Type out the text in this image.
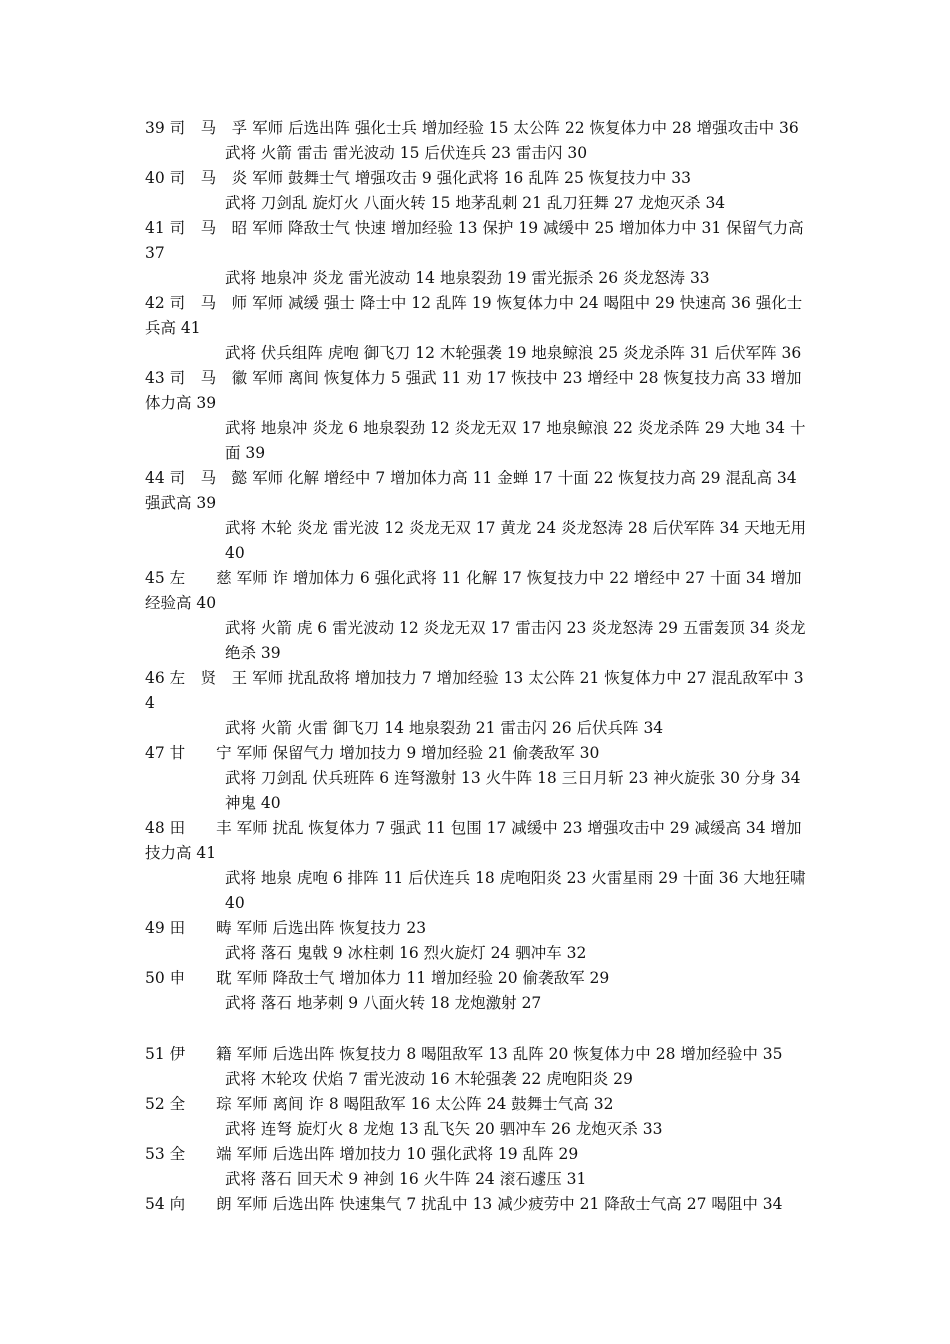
39 司　马　孚 军师 后选出阵 强化士兵 增加经验 15 太公阵 22 恢复体力中 28 增强攻击中 36
武将 火箭 雷击 雷光波动 15 后伏连兵 23 雷击闪 30
40 司　马　炎 军师 鼓舞士气 增强攻击 9 强化武将 16 乱阵 25 恢复技力中 33
武将 刀剑乱 旋灯火 八面火转 15 地茅乱刺 21 乱刀狂舞 27 龙炮灭杀 34
41 司　马　昭 军师 降敌士气 快速 增加经验 13 保护 19 减缓中 25 增加体力中 31 保留气力高 37
武将 地泉冲 炎龙 雷光波动 14 地泉裂劲 19 雷光振杀 26 炎龙怒涛 33
42 司　马　师 军师 减缓 强士 降士中 12 乱阵 19 恢复体力中 24 喝阻中 29 快速高 36 强化士兵高 41
武将 伏兵组阵 虎咆 御飞刀 12 木轮强袭 19 地泉鲸浪 25 炎龙杀阵 31 后伏军阵 36
43 司　马　徽 军师 离间 恢复体力 5 强武 11 劝 17 恢技中 23 增经中 28 恢复技力高 33 增加体力高 39
武将 地泉冲 炎龙 6 地泉裂劲 12 炎龙无双 17 地泉鲸浪 22 炎龙杀阵 29 大地 34 十面 39
44 司　马　懿 军师 化解 增经中 7 增加体力高 11 金蝉 17 十面 22 恢复技力高 29 混乱高 34 强武高 39
武将 木轮 炎龙 雷光波 12 炎龙无双 17 黄龙 24 炎龙怒涛 28 后伏军阵 34 天地无用 40
45 左　　慈 军师 诈 增加体力 6 强化武将 11 化解 17 恢复技力中 22 增经中 27 十面 34 增加经验高 40
武将 火箭 虎 6 雷光波动 12 炎龙无双 17 雷击闪 23 炎龙怒涛 29 五雷轰顶 34 炎龙绝杀 39
46 左　贤　王 军师 扰乱敌将 增加技力 7 增加经验 13 太公阵 21 恢复体力中 27 混乱敌军中 34
武将 火箭 火雷 御飞刀 14 地泉裂劲 21 雷击闪 26 后伏兵阵 34
47 甘　　宁 军师 保留气力 增加技力 9 增加经验 21 偷袭敌军 30
武将 刀剑乱 伏兵班阵 6 连弩激射 13 火牛阵 18 三日月斩 23 神火旋张 30 分身 34 神鬼 40
48 田　　丰 军师 扰乱 恢复体力 7 强武 11 包围 17 减缓中 23 增强攻击中 29 减缓高 34 增加技力高 41
武将 地泉 虎咆 6 排阵 11 后伏连兵 18 虎咆阳炎 23 火雷星雨 29 十面 36 大地狂啸 40
49 田　　畴 军师 后选出阵 恢复技力 23
武将 落石 鬼戟 9 冰柱刺 16 烈火旋灯 24 驷冲车 32
50 申　　耽 军师 降敌士气 增加体力 11 增加经验 20 偷袭敌军 29
武将 落石 地茅刺 9 八面火转 18 龙炮激射 27
51 伊　　籍 军师 后选出阵 恢复技力 8 喝阻敌军 13 乱阵 20 恢复体力中 28 增加经验中 35
武将 木轮攻 伏焰 7 雷光波动 16 木轮强袭 22 虎咆阳炎 29
52 全　　琮 军师 离间 诈 8 喝阻敌军 16 太公阵 24 鼓舞士气高 32
武将 连弩 旋灯火 8 龙炮 13 乱飞矢 20 驷冲车 26 龙炮灭杀 33
53 全　　端 军师 后选出阵 增加技力 10 强化武将 19 乱阵 29
武将 落石 回天术 9 神剑 16 火牛阵 24 滚石遽压 31
54 向　　朗 军师 后选出阵 快速集气 7 扰乱中 13 减少疲劳中 21 降敌士气高 27 喝阻中 34
